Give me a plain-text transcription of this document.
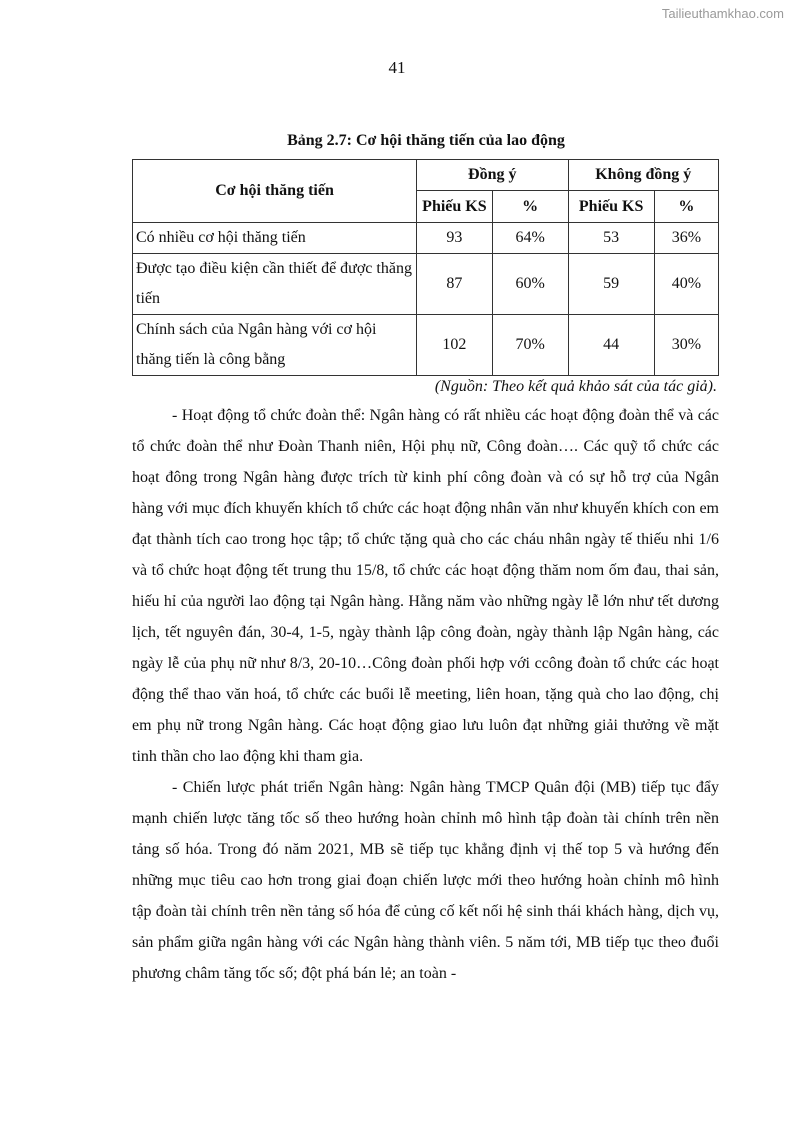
Tailieuthamkhao.com
41
Bảng 2.7: Cơ hội thăng tiến của lao động
Cơ hội thăng tiến	Đồng ý		Không đồng ý	
	Phiếu KS	%	Phiếu KS	%
Có nhiều cơ hội thăng tiến	93	64%	53	36%
Được tạo điều kiện cần thiết để được thăng tiến	87	60%	59	40%
Chính sách của Ngân hàng với cơ hội thăng tiến là công bằng	102	70%	44	30%
(Nguồn: Theo kết quả khảo sát của tác giả).

- Hoạt động tổ chức đoàn thể: Ngân hàng có rất nhiều các hoạt động đoàn thể và các tổ chức đoàn thể như Đoàn Thanh niên, Hội phụ nữ, Công đoàn…. Các quỹ tổ chức các hoạt đông trong Ngân hàng được trích từ kinh phí công đoàn và có sự hỗ trợ của Ngân hàng với mục đích khuyến khích tổ chức các hoạt động nhân văn như khuyến khích con em đạt thành tích cao trong học tập; tổ chức tặng quà cho các cháu nhân ngày tế thiếu nhi 1/6 và tổ chức hoạt động tết trung thu 15/8, tổ chức các hoạt động thăm nom ốm đau, thai sản, hiếu hỉ của người lao động tại Ngân hàng. Hằng năm vào những ngày lễ lớn như tết dương lịch, tết nguyên đán, 30-4, 1-5, ngày thành lập công đoàn, ngày thành lập Ngân hàng, các ngày lễ của phụ nữ như 8/3, 20-10…Công đoàn phối hợp với ccông đoàn tổ chức các hoạt động thể thao văn hoá, tổ chức các buổi lễ meeting, liên hoan, tặng quà cho lao động, chị em phụ nữ trong Ngân hàng. Các hoạt động giao lưu luôn đạt những giải thưởng về mặt tinh thần cho lao động khi tham gia.

- Chiến lược phát triển Ngân hàng: Ngân hàng TMCP Quân đội (MB) tiếp tục đẩy mạnh chiến lược tăng tốc số theo hướng hoàn chỉnh mô hình tập đoàn tài chính trên nền tảng số hóa. Trong đó năm 2021, MB sẽ tiếp tục khẳng định vị thế top 5 và hướng đến những mục tiêu cao hơn trong giai đoạn chiến lược mới theo hướng hoàn chỉnh mô hình tập đoàn tài chính trên nền tảng số hóa để củng cố kết nối hệ sinh thái khách hàng, dịch vụ, sản phẩm giữa ngân hàng với các Ngân hàng thành viên. 5 năm tới, MB tiếp tục theo đuổi phương châm tăng tốc số; đột phá bán lẻ; an toàn -
